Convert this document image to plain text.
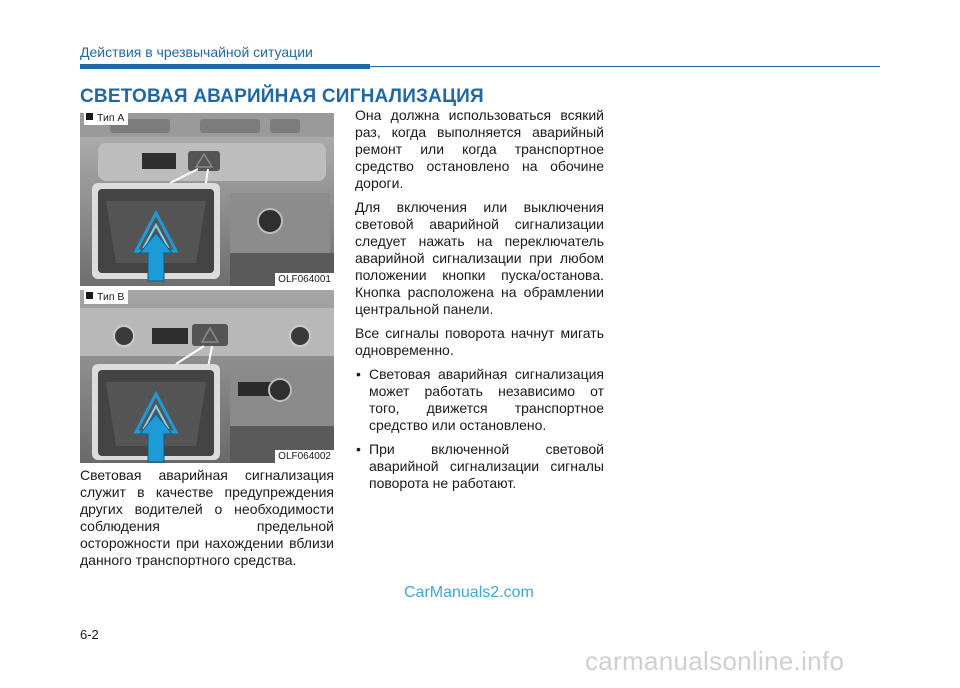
Действия в чрезвычайной ситуации
СВЕТОВАЯ АВАРИЙНАЯ СИГНАЛИЗАЦИЯ
Тип A
OLF064001
Тип B
OLF064002

Световая аварийная сигнализация служит в качестве предупреждения других водителей о необходимости соблюдения предельной осторожности при нахождении вблизи данного транспортного средства.

Она должна использоваться всякий раз, когда выполняется аварийный ремонт или когда транспортное средство остановлено на обочине дороги.

Для включения или выключения световой аварийной сигнализации следует нажать на переключатель аварийной сигнализации при любом положении кнопки пуска/останова. Кнопка расположена на обрамлении центральной панели.

Все сигналы поворота начнут мигать одновременно.

• Световая аварийная сигнализация может работать независимо от того, движется транспортное средство или остановлено.
• При включенной световой аварийной сигнализации сигналы поворота не работают.
CarManuals2.com
6-2
carmanualsonline.info
